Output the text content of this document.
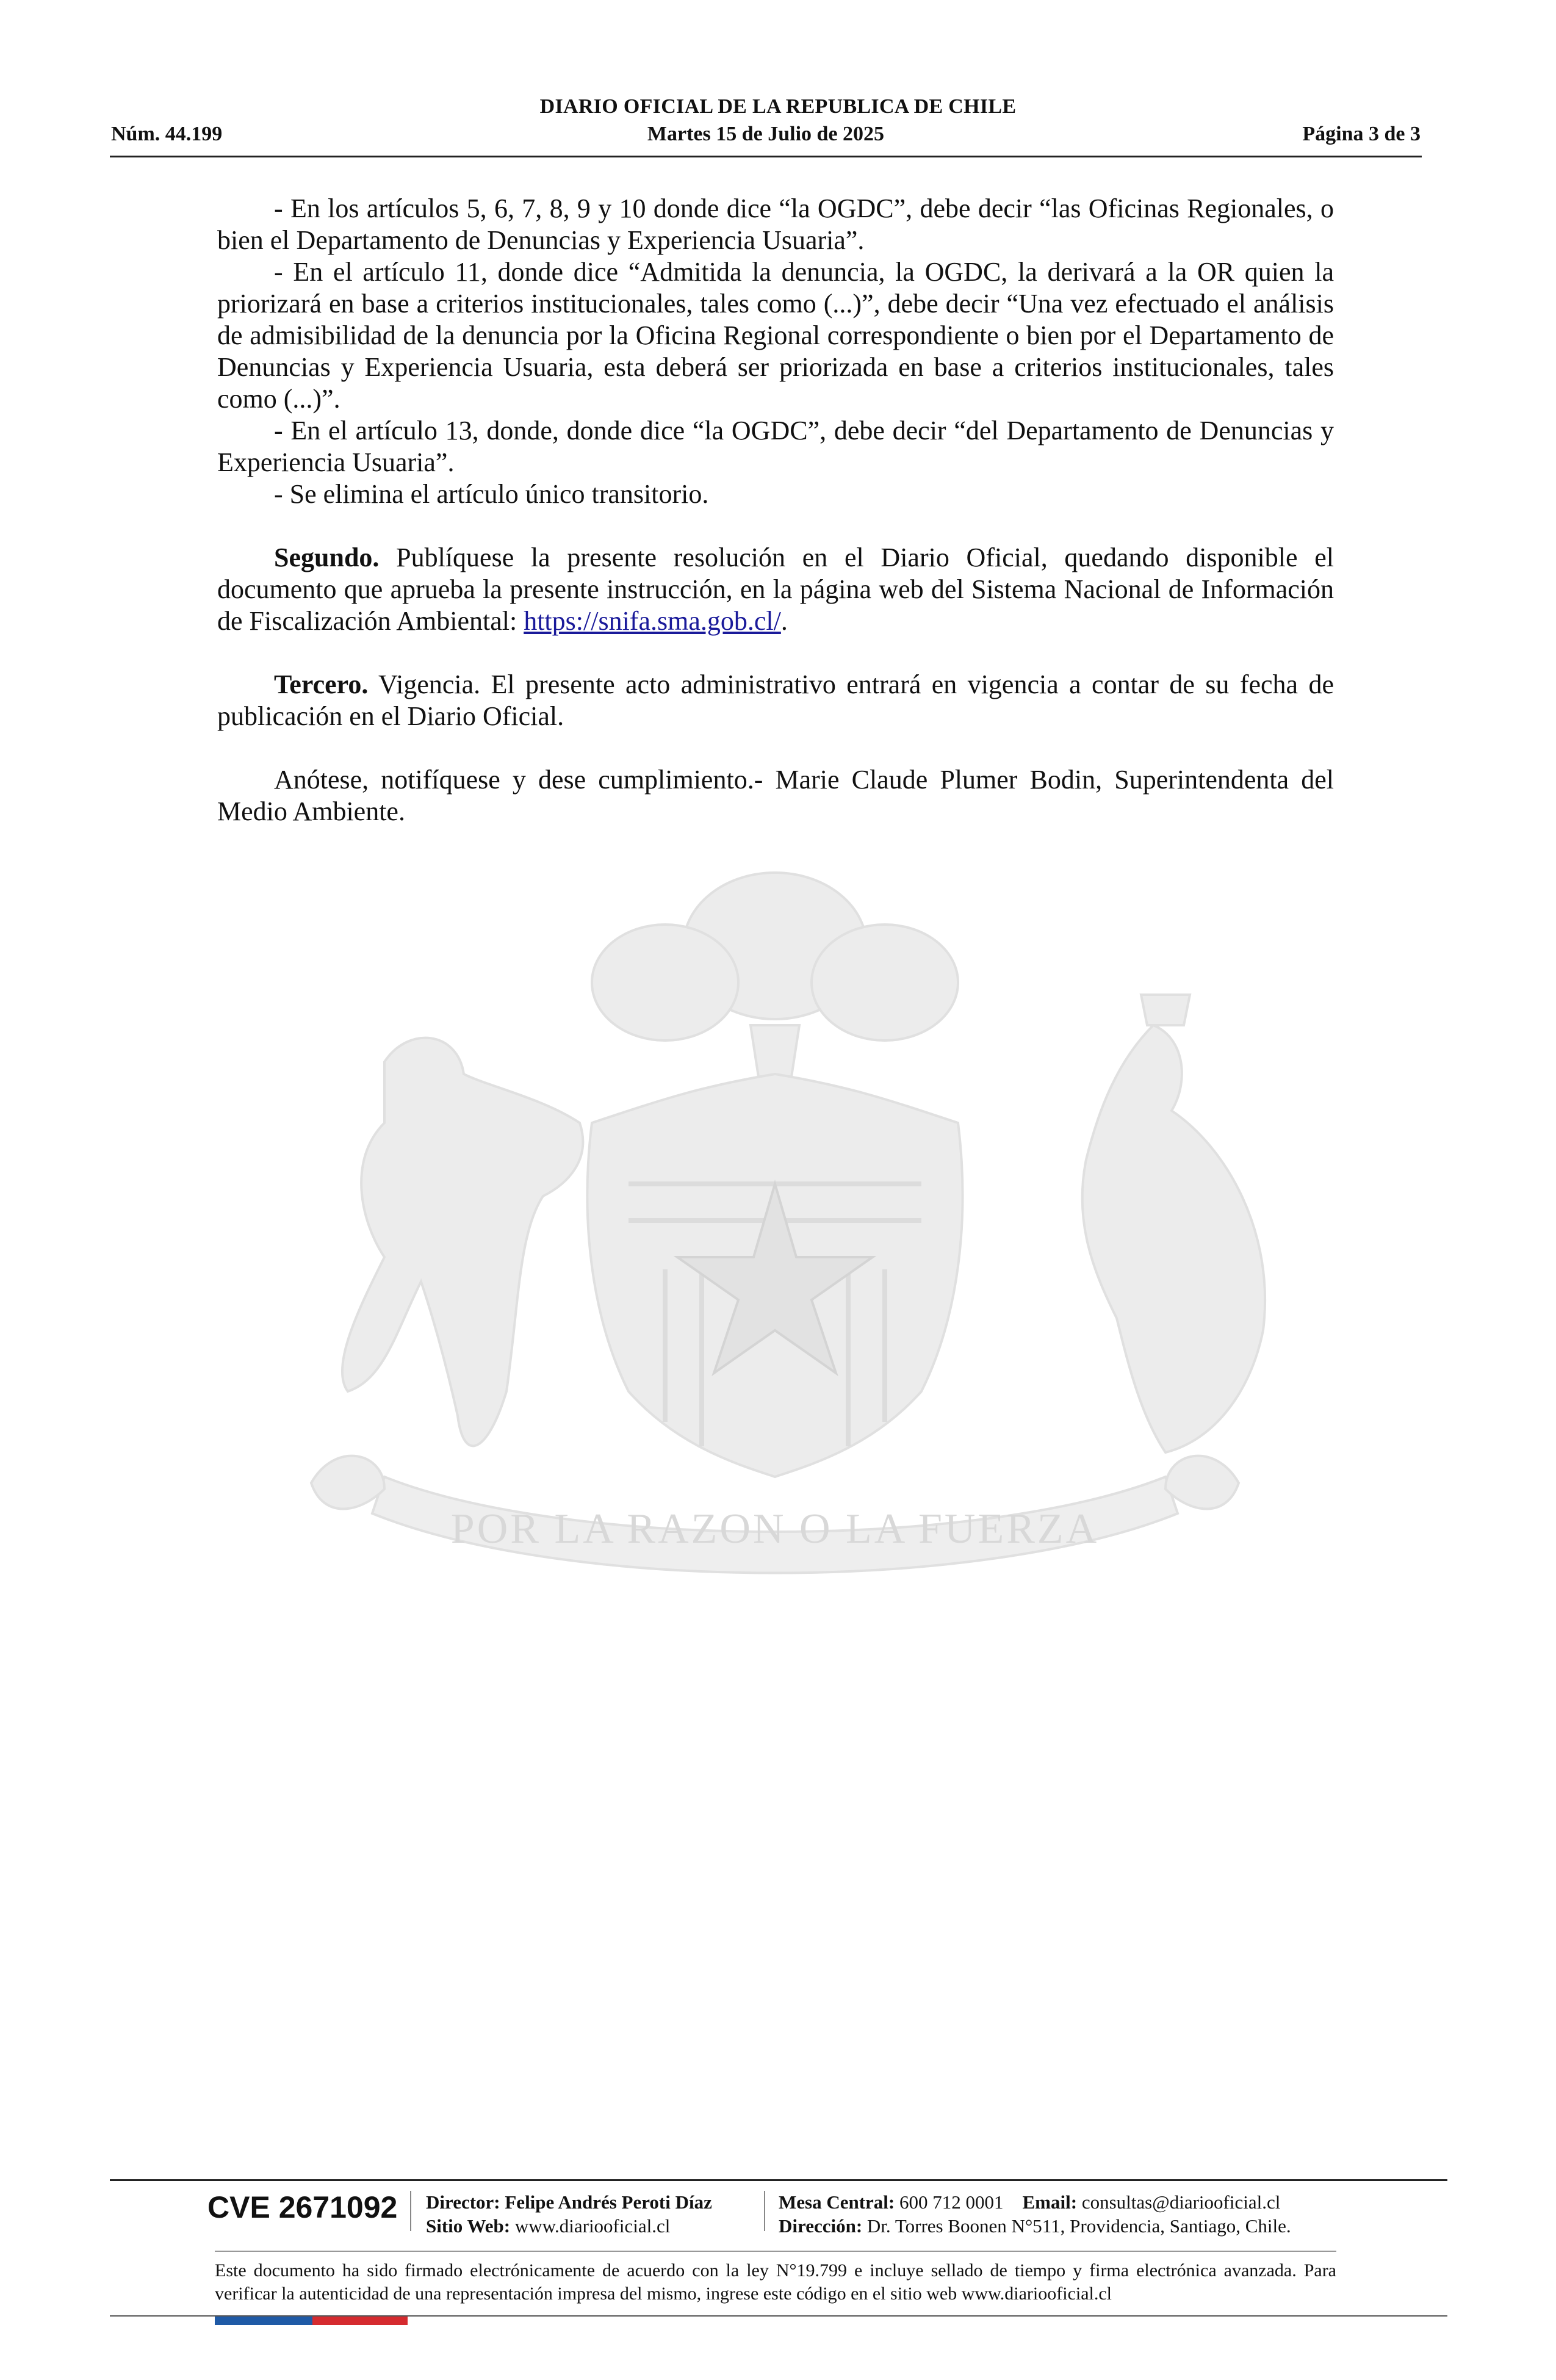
DIARIO OFICIAL DE LA REPUBLICA DE CHILE
Núm. 44.199	Martes 15 de Julio de 2025	Página 3 de 3
POR LA RAZON O LA FUERZA

- En los artículos 5, 6, 7, 8, 9 y 10 donde dice “la OGDC”, debe decir “las Oficinas Regionales, o bien el Departamento de Denuncias y Experiencia Usuaria”.

- En el artículo 11, donde dice “Admitida la denuncia, la OGDC, la derivará a la OR quien la priorizará en base a criterios institucionales, tales como (...)”, debe decir “Una vez efectuado el análisis de admisibilidad de la denuncia por la Oficina Regional correspondiente o bien por el Departamento de Denuncias y Experiencia Usuaria, esta deberá ser priorizada en base a criterios institucionales, tales como (...)”.

- En el artículo 13, donde, donde dice “la OGDC”, debe decir “del Departamento de Denuncias y Experiencia Usuaria”.

- Se elimina el artículo único transitorio.

Segundo. Publíquese la presente resolución en el Diario Oficial, quedando disponible el documento que aprueba la presente instrucción, en la página web del Sistema Nacional de Información de Fiscalización Ambiental: https://snifa.sma.gob.cl/.

Tercero. Vigencia. El presente acto administrativo entrará en vigencia a contar de su fecha de publicación en el Diario Oficial.

Anótese, notifíquese y dese cumplimiento.- Marie Claude Plumer Bodin, Superintendenta del Medio Ambiente.

CVE 2671092 Director: Felipe Andrés Peroti Díaz
Sitio Web: www.diariooficial.cl
Mesa Central: 600 712 0001 Email: consultas@diariooficial.cl
Dirección: Dr. Torres Boonen N°511, Providencia, Santiago, Chile.
Este documento ha sido firmado electrónicamente de acuerdo con la ley N°19.799 e incluye sellado de tiempo y firma electrónica avanzada. Para verificar la autenticidad de una representación impresa del mismo, ingrese este código en el sitio web www.diariooficial.cl
